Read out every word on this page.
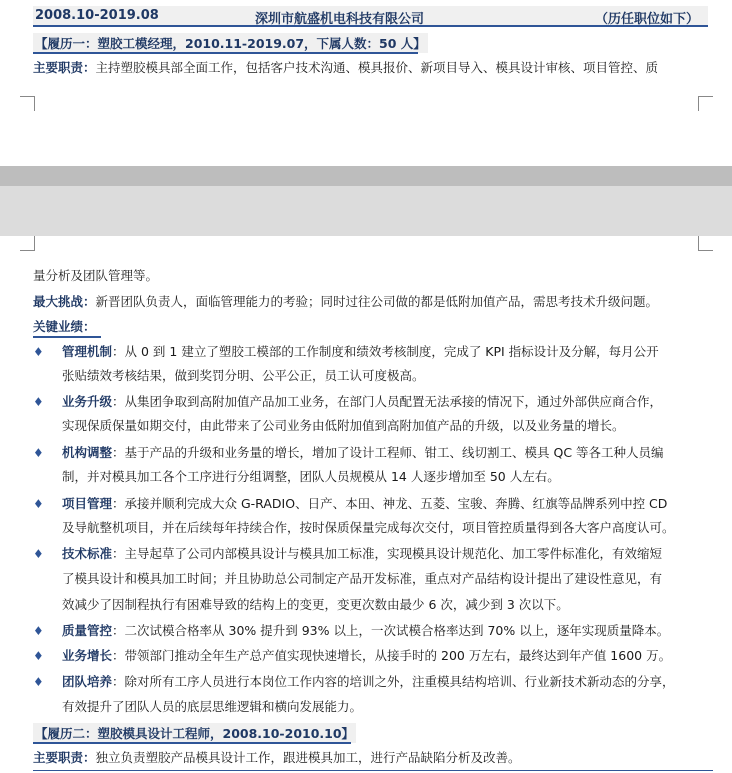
2008.10-2019.08	深圳市航盛机电科技有限公司	（历任职位如下）
【履历一：塑胶工模经理，2010.11-2019.07，下属人数：50 人】
主要职责：主持塑胶模具部全面工作，包括客户技术沟通、模具报价、新项目导入、模具设计审核、项目管控、质
量分析及团队管理等。
最大挑战：新晋团队负责人，面临管理能力的考验；同时过往公司做的都是低附加值产品，需思考技术升级问题。
关键业绩：
♦ 管理机制：从 0 到 1 建立了塑胶工模部的工作制度和绩效考核制度，完成了 KPI 指标设计及分解，每月公开
张贴绩效考核结果，做到奖罚分明、公平公正，员工认可度极高。
♦ 业务升级：从集团争取到高附加值产品加工业务，在部门人员配置无法承接的情况下，通过外部供应商合作，
实现保质保量如期交付，由此带来了公司业务由低附加值到高附加值产品的升级，以及业务量的增长。
♦ 机构调整：基于产品的升级和业务量的增长，增加了设计工程师、钳工、线切割工、模具 QC 等各工种人员编
制，并对模具加工各个工序进行分组调整，团队人员规模从 14 人逐步增加至 50 人左右。
♦ 项目管理：承接并顺利完成大众 G-RADIO、日产、本田、神龙、五菱、宝骏、奔腾、红旗等品牌系列中控 CD
及导航整机项目，并在后续每年持续合作，按时保质保量完成每次交付，项目管控质量得到各大客户高度认可。
♦ 技术标准：主导起草了公司内部模具设计与模具加工标准，实现模具设计规范化、加工零件标准化，有效缩短
了模具设计和模具加工时间；并且协助总公司制定产品开发标准，重点对产品结构设计提出了建设性意见，有
效减少了因制程执行有困难导致的结构上的变更，变更次数由最少 6 次，减少到 3 次以下。
♦ 质量管控：二次试模合格率从 30% 提升到 93% 以上，一次试模合格率达到 70% 以上，逐年实现质量降本。
♦ 业务增长：带领部门推动全年生产总产值实现快速增长，从接手时的 200 万左右，最终达到年产值 1600 万。
♦ 团队培养：除对所有工序人员进行本岗位工作内容的培训之外，注重模具结构培训、行业新技术新动态的分享，
有效提升了团队人员的底层思维逻辑和横向发展能力。
【履历二：塑胶模具设计工程师，2008.10-2010.10】
主要职责：独立负责塑胶产品模具设计工作，跟进模具加工，进行产品缺陷分析及改善。
